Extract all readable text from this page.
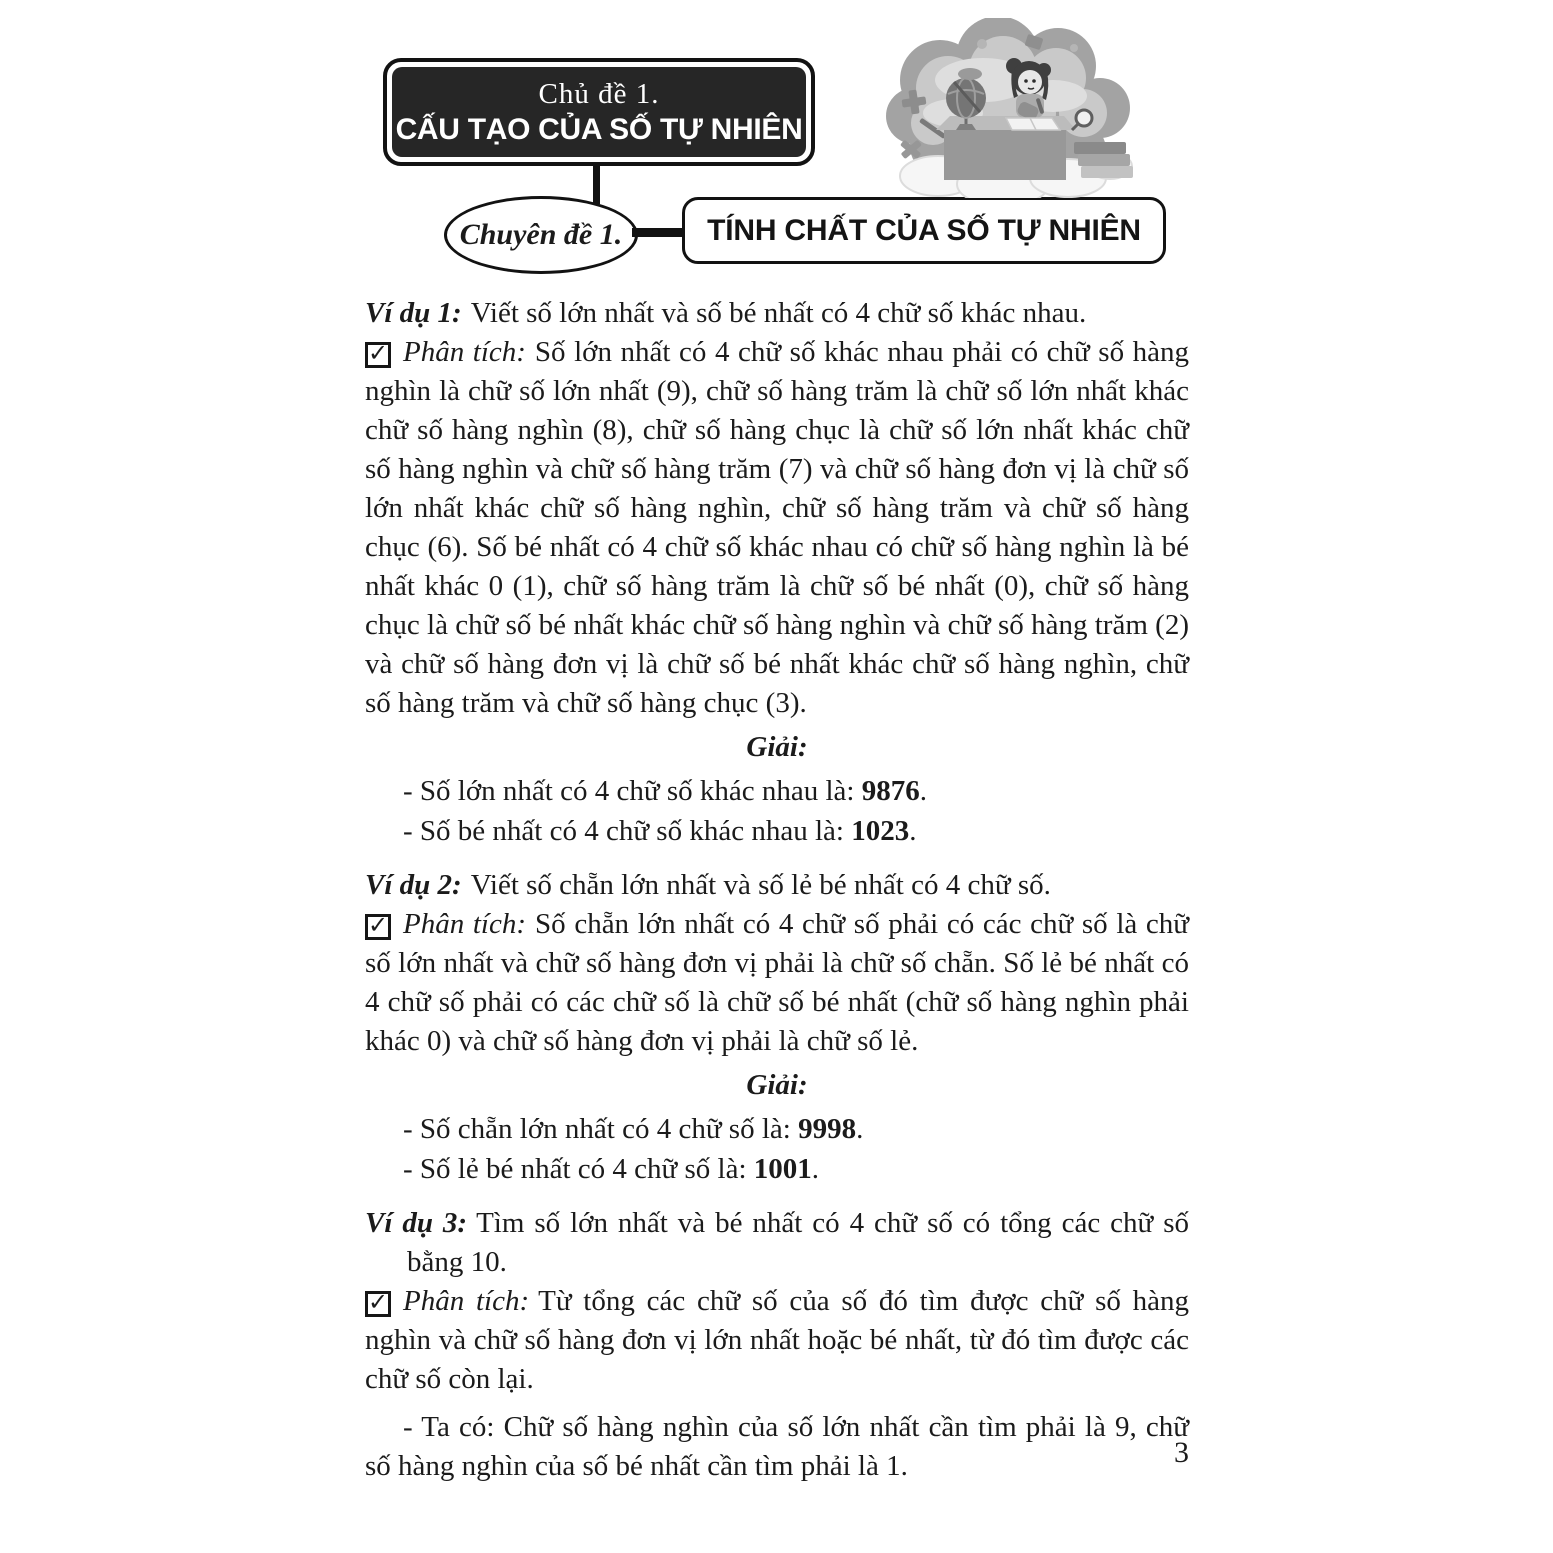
Chủ đề 1.
CẤU TẠO CỦA SỐ TỰ NHIÊN
Chuyên đề 1.	TÍNH CHẤT CỦA SỐ TỰ NHIÊN

Ví dụ 1: Viết số lớn nhất và số bé nhất có 4 chữ số khác nhau.

✓ Phân tích: Số lớn nhất có 4 chữ số khác nhau phải có chữ số hàng nghìn là chữ số lớn nhất (9), chữ số hàng trăm là chữ số lớn nhất khác chữ số hàng nghìn (8), chữ số hàng chục là chữ số lớn nhất khác chữ số hàng nghìn và chữ số hàng trăm (7) và chữ số hàng đơn vị là chữ số lớn nhất khác chữ số hàng nghìn, chữ số hàng trăm và chữ số hàng chục (6). Số bé nhất có 4 chữ số khác nhau có chữ số hàng nghìn là bé nhất khác 0 (1), chữ số hàng trăm là chữ số bé nhất (0), chữ số hàng chục là chữ số bé nhất khác chữ số hàng nghìn và chữ số hàng trăm (2) và chữ số hàng đơn vị là chữ số bé nhất khác chữ số hàng nghìn, chữ số hàng trăm và chữ số hàng chục (3).

Giải:

- Số lớn nhất có 4 chữ số khác nhau là: 9876.

- Số bé nhất có 4 chữ số khác nhau là: 1023.

Ví dụ 2: Viết số chẵn lớn nhất và số lẻ bé nhất có 4 chữ số.

✓ Phân tích: Số chẵn lớn nhất có 4 chữ số phải có các chữ số là chữ số lớn nhất và chữ số hàng đơn vị phải là chữ số chẵn. Số lẻ bé nhất có 4 chữ số phải có các chữ số là chữ số bé nhất (chữ số hàng nghìn phải khác 0) và chữ số hàng đơn vị phải là chữ số lẻ.

Giải:

- Số chẵn lớn nhất có 4 chữ số là: 9998.

- Số lẻ bé nhất có 4 chữ số là: 1001.

Ví dụ 3: Tìm số lớn nhất và bé nhất có 4 chữ số có tổng các chữ số bằng 10.

✓ Phân tích: Từ tổng các chữ số của số đó tìm được chữ số hàng nghìn và chữ số hàng đơn vị lớn nhất hoặc bé nhất, từ đó tìm được các chữ số còn lại.

- Ta có: Chữ số hàng nghìn của số lớn nhất cần tìm phải là 9, chữ số hàng nghìn của số bé nhất cần tìm phải là 1.	3
